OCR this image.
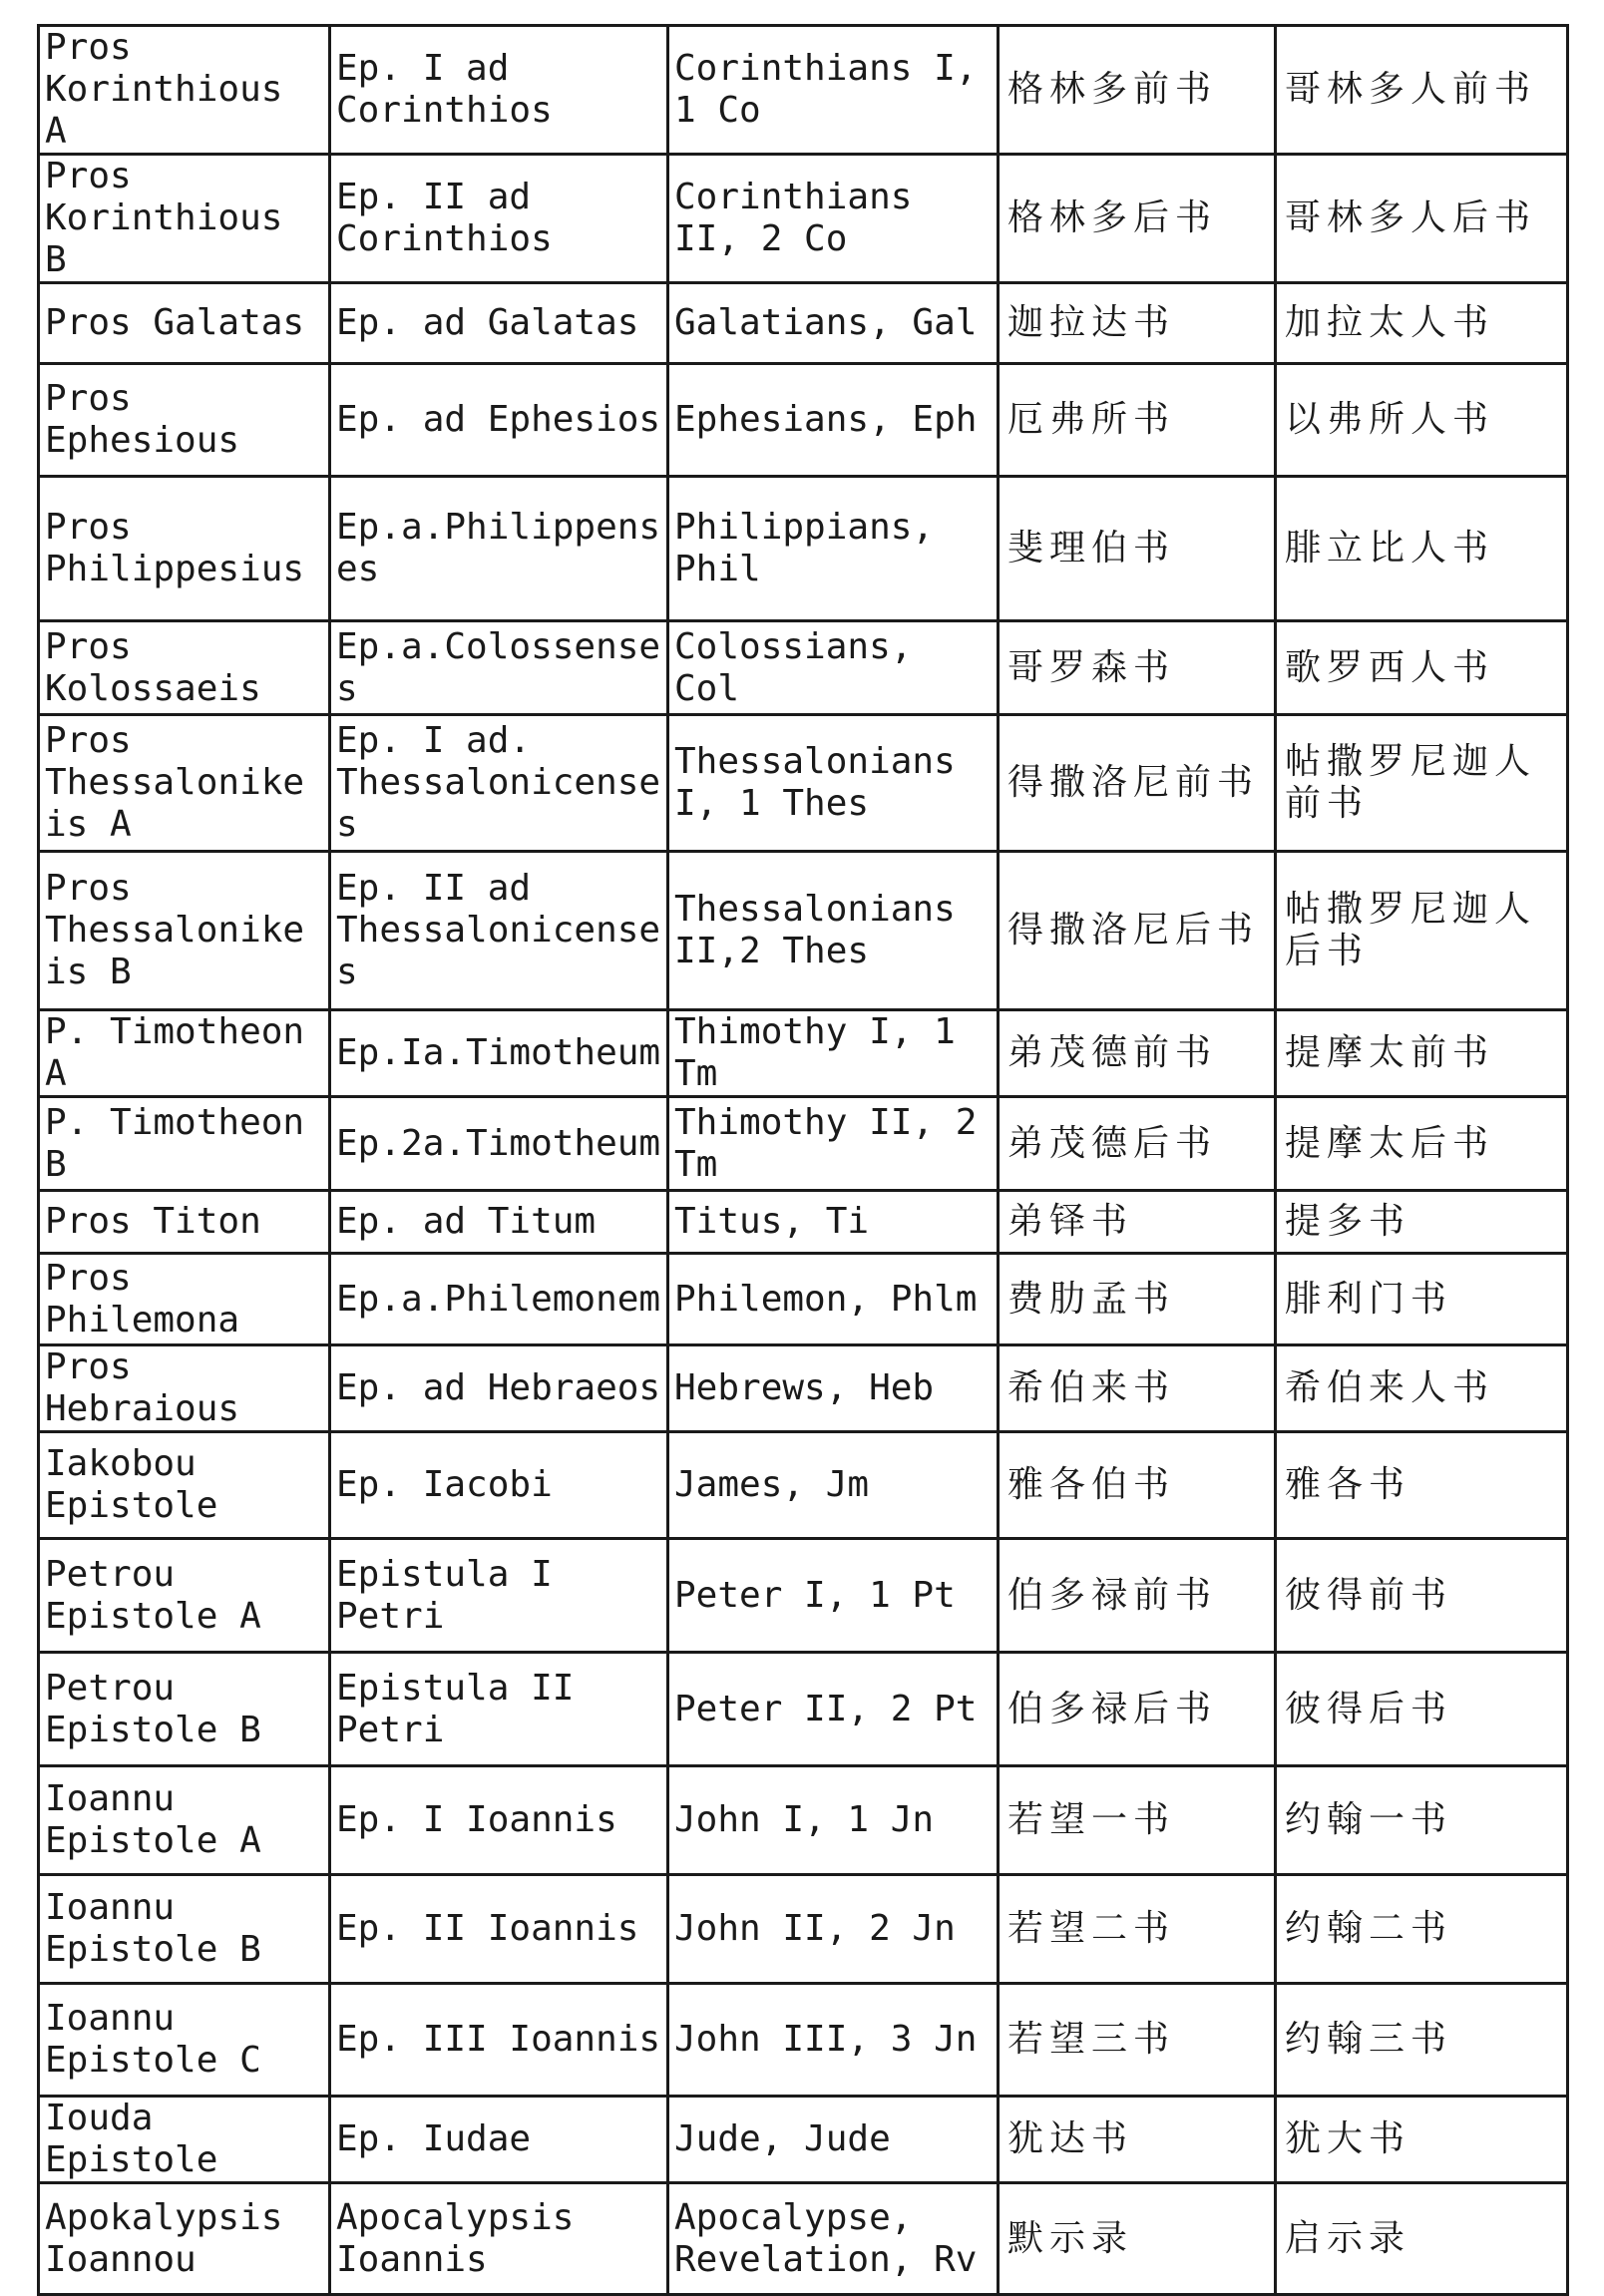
Pros Korinthious A	Ep. I ad Corinthios	Corinthians I, 1 Co	格林多前书	哥林多人前书
Pros Korinthious B	Ep. II ad Corinthios	Corinthians II, 2 Co	格林多后书	哥林多人后书
Pros Galatas	Ep. ad Galatas	Galatians, Gal	迦拉达书	加拉太人书
Pros Ephesious	Ep. ad Ephesios	Ephesians, Eph	厄弗所书	以弗所人书
Pros Philippesius	Ep.a.Philippenses	Philippians, Phil	斐理伯书	腓立比人书
Pros Kolossaeis	Ep.a.Colossenses	Colossians, Col	哥罗森书	歌罗西人书
Pros Thessalonikeis A	Ep. I ad. Thessalonicenses	Thessalonians I, 1 Thes	得撒洛尼前书	帖撒罗尼迦人前书
Pros Thessalonikeis B	Ep. II ad Thessalonicenses	Thessalonians II,2 Thes	得撒洛尼后书	帖撒罗尼迦人后书
P. Timotheon A	Ep.Ia.Timotheum	Thimothy I, 1 Tm	弟茂德前书	提摩太前书
P. Timotheon B	Ep.2a.Timotheum	Thimothy II, 2 Tm	弟茂德后书	提摩太后书
Pros Titon	Ep. ad Titum	Titus, Ti	弟铎书	提多书
Pros Philemona	Ep.a.Philemonem	Philemon, Phlm	费肋孟书	腓利门书
Pros Hebraious	Ep. ad Hebraeos	Hebrews, Heb	希伯来书	希伯来人书
Iakobou Epistole	Ep. Iacobi	James, Jm	雅各伯书	雅各书
Petrou Epistole A	Epistula I Petri	Peter I, 1 Pt	伯多禄前书	彼得前书
Petrou Epistole B	Epistula II Petri	Peter II, 2 Pt	伯多禄后书	彼得后书
Ioannu Epistole A	Ep. I Ioannis	John I, 1 Jn	若望一书	约翰一书
Ioannu Epistole B	Ep. II Ioannis	John II, 2 Jn	若望二书	约翰二书
Ioannu Epistole C	Ep. III Ioannis	John III, 3 Jn	若望三书	约翰三书
Iouda Epistole	Ep. Iudae	Jude, Jude	犹达书	犹大书
Apokalypsis Ioannou	Apocalypsis Ioannis	Apocalypse, Revelation, Rv	默示录	启示录
